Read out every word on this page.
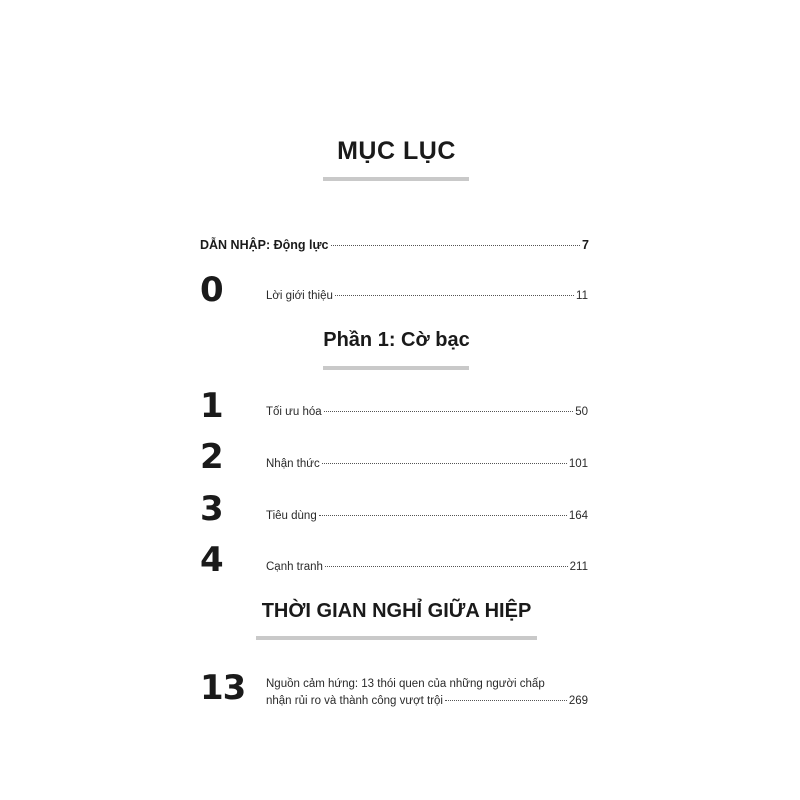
MỤC LỤC
DẪN NHẬP: Động lực	7
0	Lời giới thiệu	11
Phần 1: Cờ bạc
1	Tối ưu hóa	50
2	Nhận thức	101
3	Tiêu dùng	164
4	Cạnh tranh	211
THỜI GIAN NGHỈ GIỮA HIỆP
13 Nguồn cảm hứng: 13 thói quen của những người chấp
nhận rủi ro và thành công vượt trội	269
